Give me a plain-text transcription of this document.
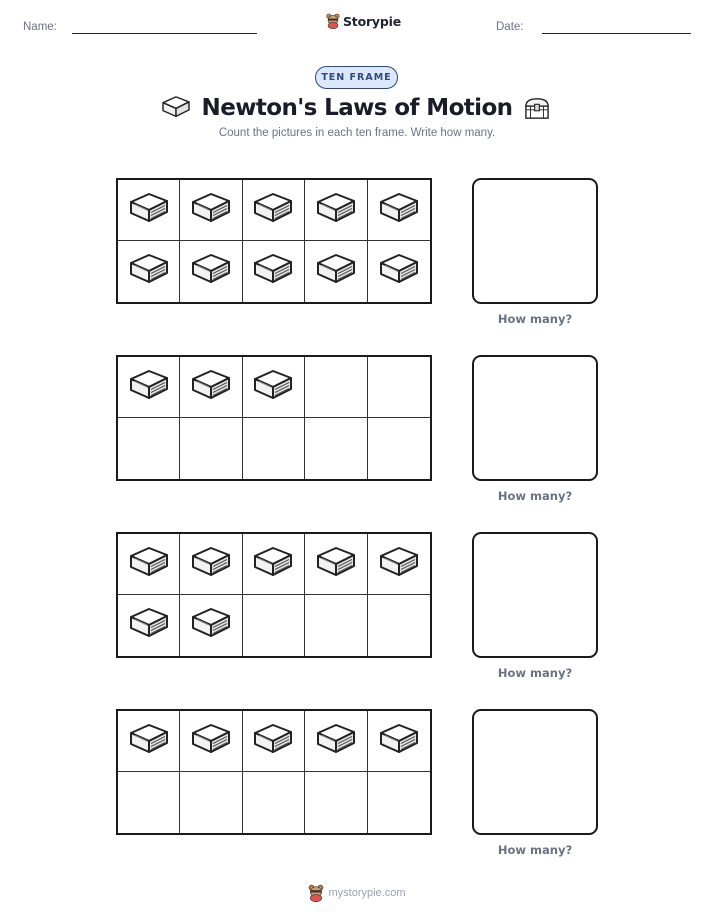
Name:	Storypie	Date:
TEN FRAME
Newton's Laws of Motion
Count the pictures in each ten frame. Write how many.
How many?
How many?
How many?
How many?
mystorypie.com
